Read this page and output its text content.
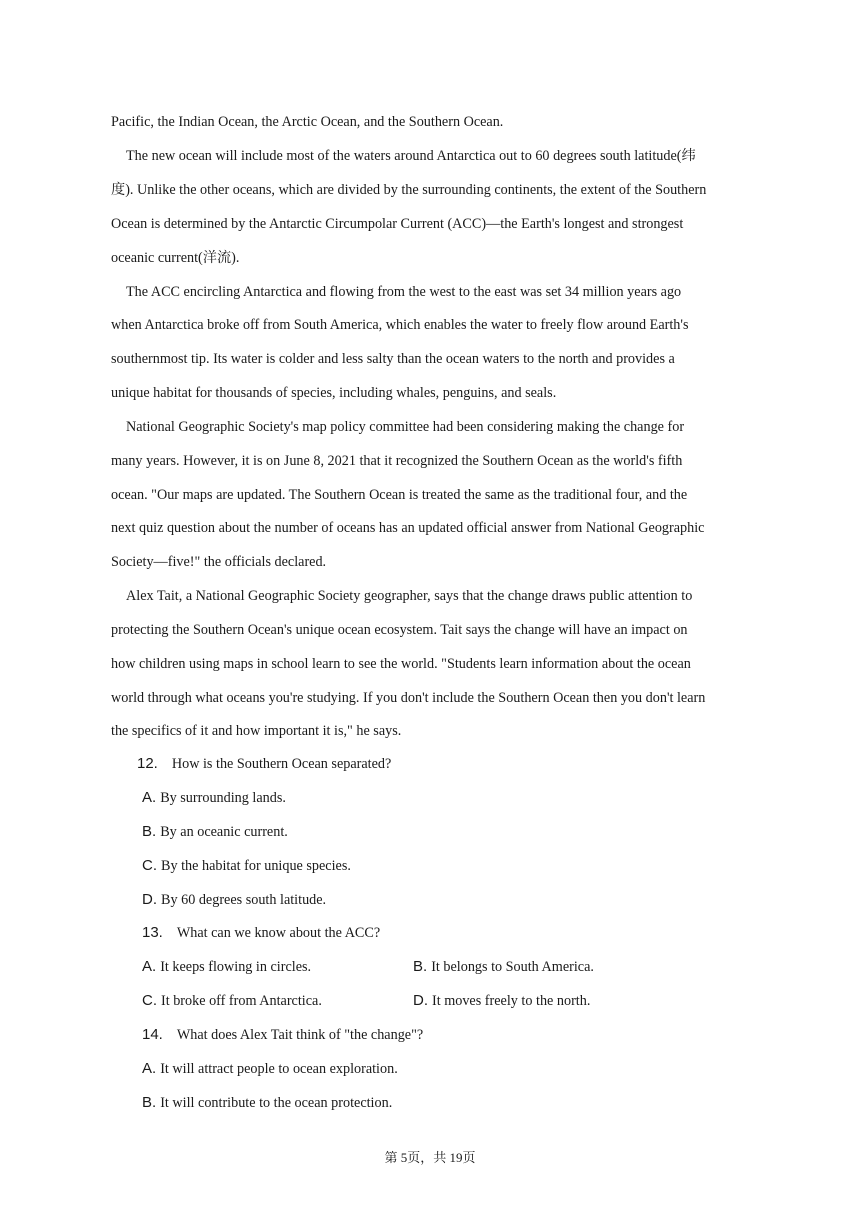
Pacific, the Indian Ocean, the Arctic Ocean, and the Southern Ocean.
The new ocean will include most of the waters around Antarctica out to 60 degrees south latitude(纬
度). Unlike the other oceans, which are divided by the surrounding continents, the extent of the Southern
Ocean is determined by the Antarctic Circumpolar Current (ACC)—the Earth's longest and strongest
oceanic current(洋流).
The ACC encircling Antarctica and flowing from the west to the east was set 34 million years ago
when Antarctica broke off from South America, which enables the water to freely flow around Earth's
southernmost tip. Its water is colder and less salty than the ocean waters to the north and provides a
unique habitat for thousands of species, including whales, penguins, and seals.
National Geographic Society's map policy committee had been considering making the change for
many years. However, it is on June 8, 2021 that it recognized the Southern Ocean as the world's fifth
ocean. "Our maps are updated. The Southern Ocean is treated the same as the traditional four, and the
next quiz question about the number of oceans has an updated official answer from National Geographic
Society—five!" the officials declared.
Alex Tait, a National Geographic Society geographer, says that the change draws public attention to
protecting the Southern Ocean's unique ocean ecosystem. Tait says the change will have an impact on
how children using maps in school learn to see the world. "Students learn information about the ocean
world through what oceans you're studying. If you don't include the Southern Ocean then you don't learn
the specifics of it and how important it is," he says.
12. How is the Southern Ocean separated?
A. By surrounding lands.
B. By an oceanic current.
C. By the habitat for unique species.
D. By 60 degrees south latitude.
13. What can we know about the ACC?
A. It keeps flowing in circles.	B. It belongs to South America.
C. It broke off from Antarctica.	D. It moves freely to the north.
14. What does Alex Tait think of "the change"?
A. It will attract people to ocean exploration.
B. It will contribute to the ocean protection.
第 5页，共 19页
